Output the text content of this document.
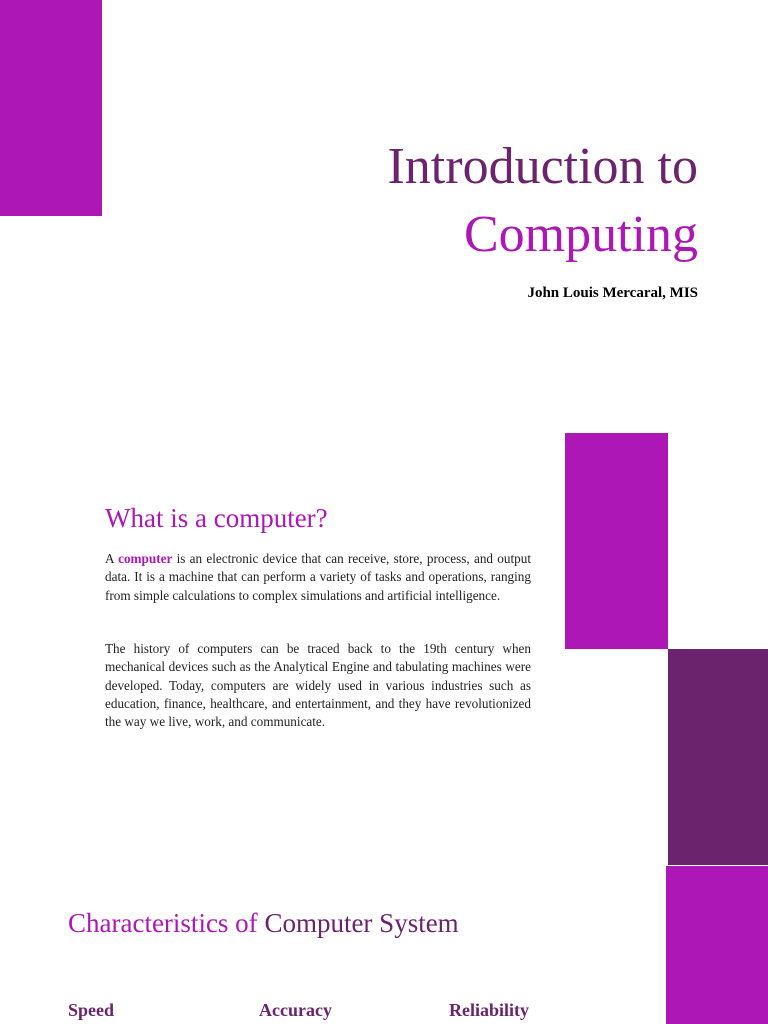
Introduction to
Computing

John Louis Mercaral, MIS

What is a computer?

A computer is an electronic device that can receive, store, process, and output data. It is a machine that can perform a variety of tasks and operations, ranging from simple calculations to complex simulations and artificial intelligence.

The history of computers can be traced back to the 19th century when mechanical devices such as the Analytical Engine and tabulating machines were developed. Today, computers are widely used in various industries such as education, finance, healthcare, and entertainment, and they have revolutionized the way we live, work, and communicate.

Characteristics of Computer System

Speed	Accuracy	Reliability
